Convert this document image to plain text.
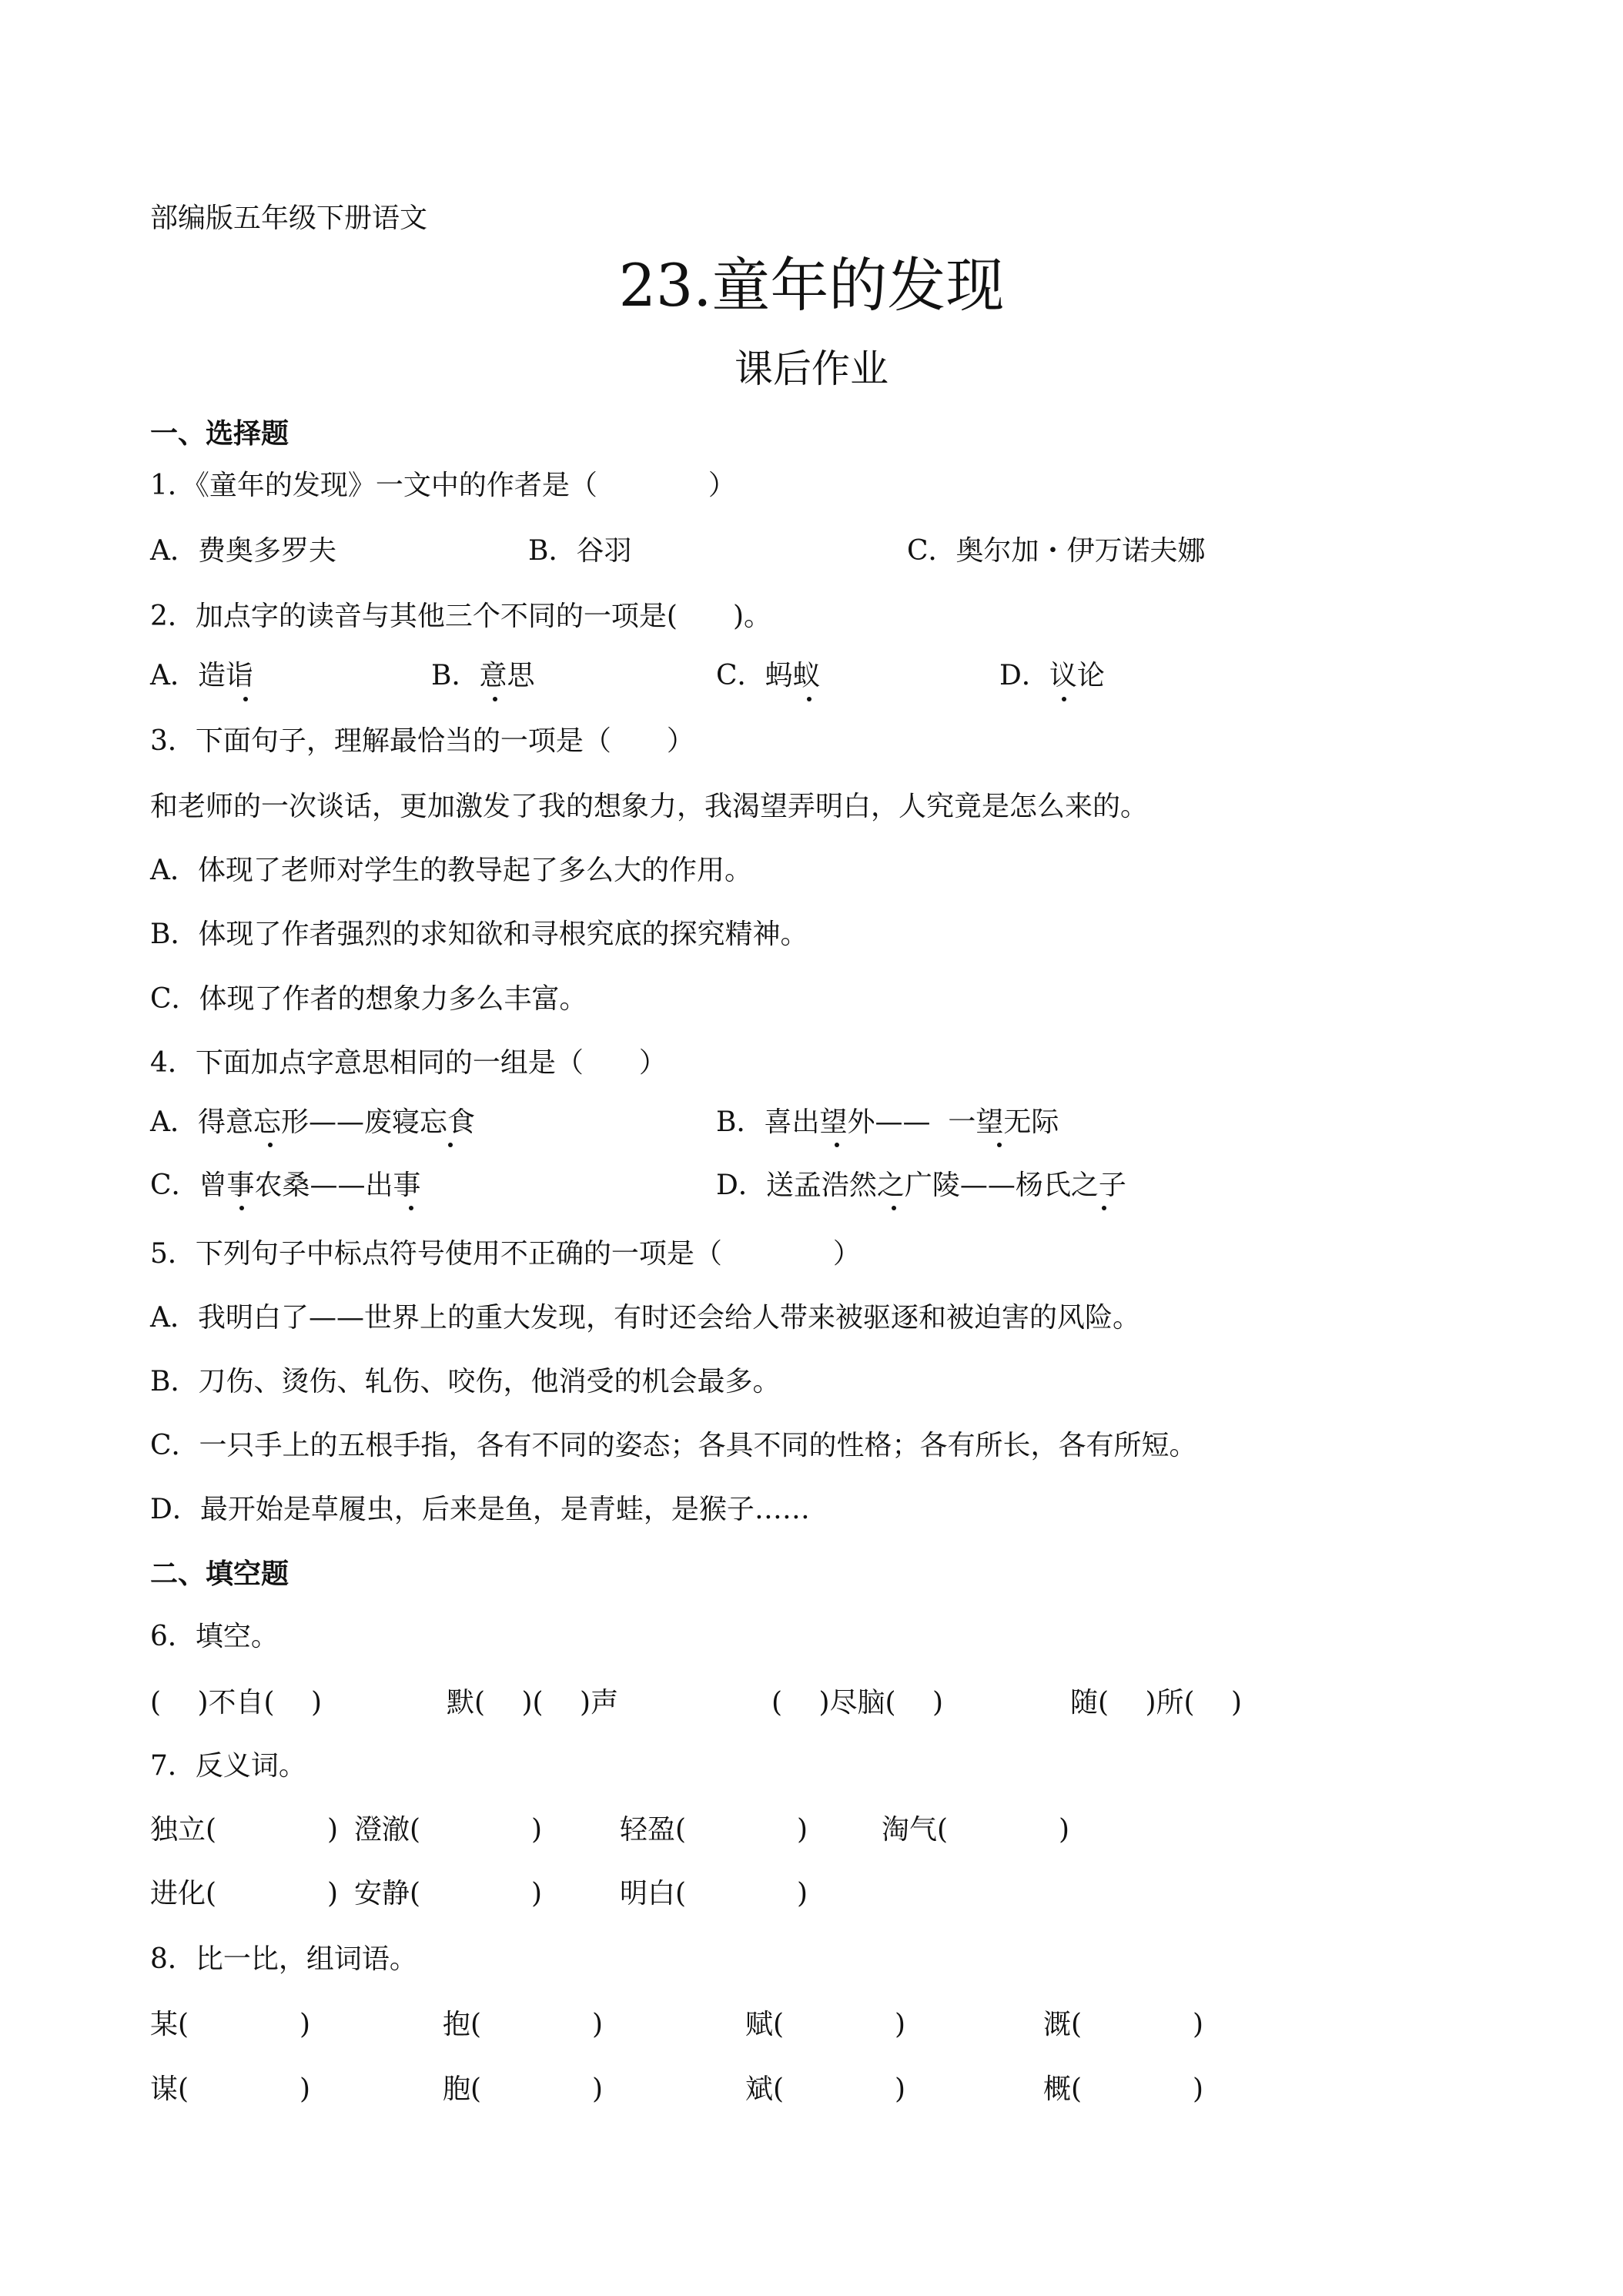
部编版五年级下册语文
23.童年的发现
课后作业
一、选择题
1．《童年的发现》一文中的作者是（　　　　）
A．费奥多罗夫	B．谷羽	C．奥尔加・伊万诺夫娜
2．加点字的读音与其他三个不同的一项是(　　)。
A．造诣	B．意思	C．蚂蚁	D．议论
3．下面句子，理解最恰当的一项是（　　）
和老师的一次谈话，更加激发了我的想象力，我渴望弄明白，人究竟是怎么来的。
A．体现了老师对学生的教导起了多么大的作用。
B．体现了作者强烈的求知欲和寻根究底的探究精神。
C．体现了作者的想象力多么丰富。
4．下面加点字意思相同的一组是（　　）
A．得意忘形——废寝忘食	B．喜出望外——  一望无际
C．曾事农桑——出事	D．送孟浩然之广陵——杨氏之子
5．下列句子中标点符号使用不正确的一项是（　　　　）
A．我明白了——世界上的重大发现，有时还会给人带来被驱逐和被迫害的风险。
B．刀伤、烫伤、轧伤、咬伤，他消受的机会最多。
C．一只手上的五根手指，各有不同的姿态；各具不同的性格；各有所长，各有所短。
D．最开始是草履虫，后来是鱼，是青蛙，是猴子……
二、填空题
6．填空。
(　 )不自(　 )	默(　 )(　 )声	(　 )尽脑(　 )	随(　 )所(　 )
7．反义词。
独立(　　　　) 澄澈(　　　　)	轻盈(　　　　)	淘气(　　　　)
进化(　　　　) 安静(　　　　)	明白(　　　　)
8．比一比，组词语。
某(　　　　)	抱(　　　　)	赋(　　　　)	溉(　　　　)
谋(　　　　)	胞(　　　　)	斌(　　　　)	概(　　　　)
